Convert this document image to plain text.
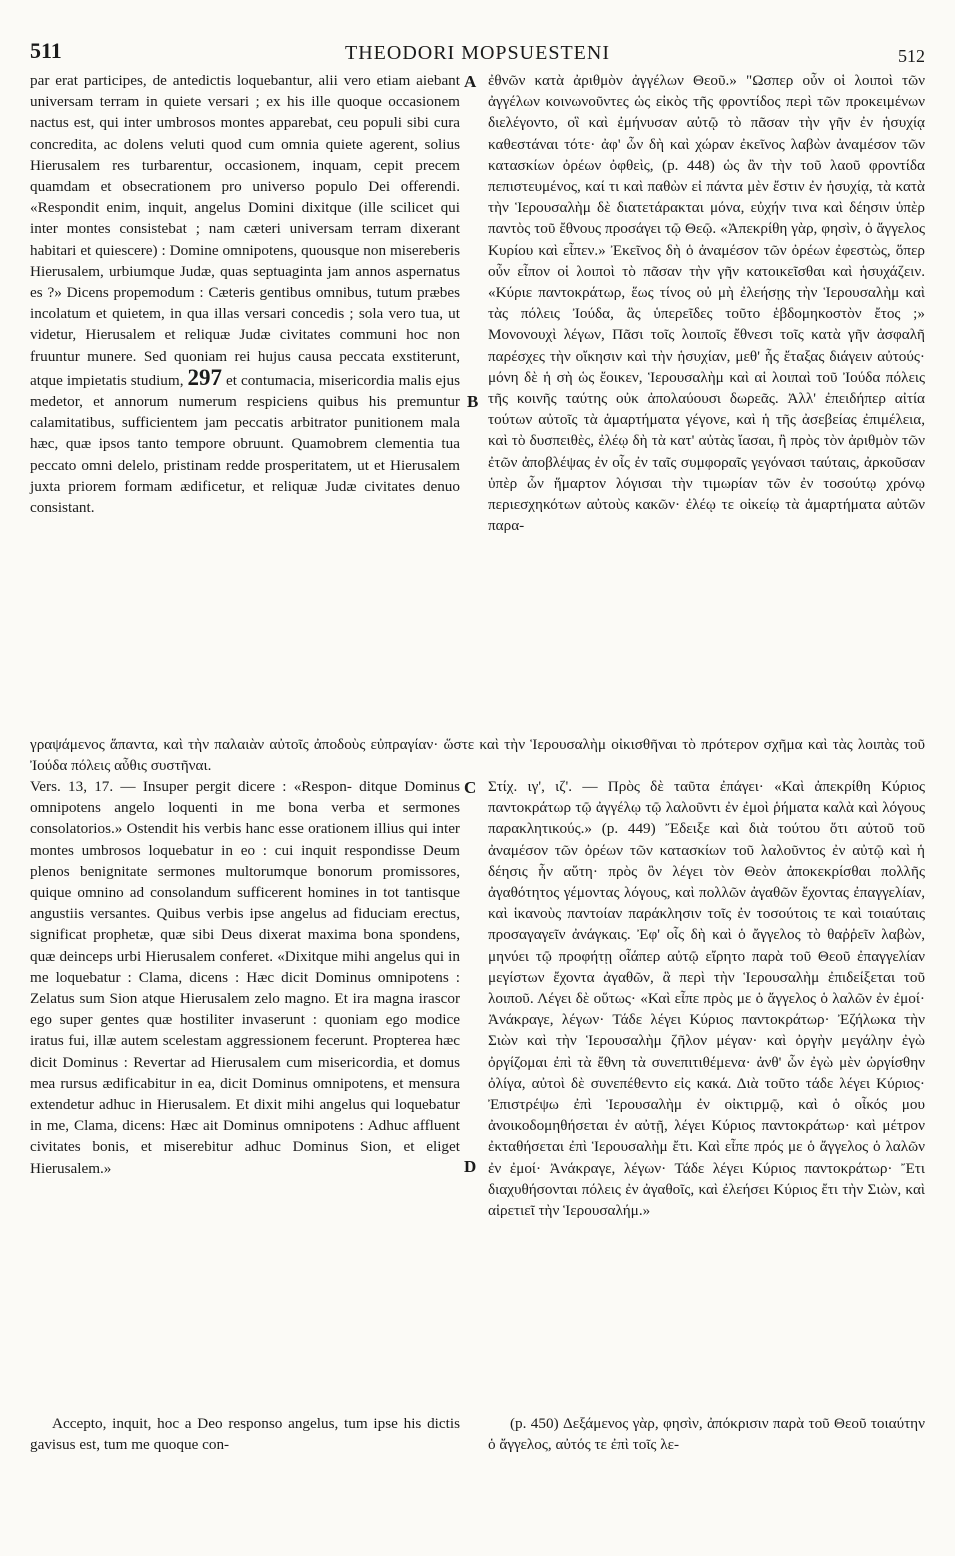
511	THEODORI MOPSUESTENI	512

par erat participes, de antedictis loquebantur, alii vero etiam aiebant universam terram in quiete versari ; ex his ille quoque occasionem nactus est, qui inter umbrosos montes apparebat, ceu populi sibi cura concredita, ac dolens veluti quod cum omnia quiete agerent, solius Hierusalem res turbarentur, occasionem, inquam, cepit precem quamdam et obsecrationem pro universo populo Dei offerendi. «Respondit enim, inquit, angelus Domini dixitque (ille scilicet qui inter montes consistebat ; nam cæteri universam terram dixerant habitari et quiescere) : Domine omnipotens, quousque non misereberis Hierusalem, urbiumque Judæ, quas septuaginta jam annos aspernatus es ?» Dicens propemodum : Cæteris gentibus omnibus, tutum præbes incolatum et quietem, in qua illas versari concedis ; sola vero tua, ut videtur, Hierusalem et reliquæ Judæ civitates communi hoc non fruuntur munere. Sed quoniam rei hujus causa peccata exstiterunt, atque impietatis studium, 297 et contumacia, misericordia malis ejus medetor, et annorum numerum respiciens quibus his premuntur calamitatibus, sufficientem jam peccatis arbitrator punitionem mala hæc, quæ ipsos tanto tempore obruunt. Quamobrem clementia tua peccato omni delelo, pristinam redde prosperitatem, ut et Hierusalem juxta priorem formam ædificetur, et reliquæ Judæ civitates denuo consistant.

A
B
C
D

ἐθνῶν κατὰ ἀριθμὸν ἀγγέλων Θεοῦ.» "Ωσπερ οὖν οἱ λοιποὶ τῶν ἀγγέλων κοινωνοῦντες ὡς εἰκὸς τῆς φροντίδος περὶ τῶν προκειμένων διελέγοντο, οἳ καὶ ἐμήνυσαν αὐτῷ τὸ πᾶσαν τὴν γῆν ἐν ἡσυχίᾳ καθεστάναι τότε· ἀφ' ὧν δὴ καὶ χώραν ἐκεῖνος λαβὼν ἀναμέσον τῶν κατασκίων ὀρέων ὀφθεὶς, (p. 448) ὡς ἂν τὴν τοῦ λαοῦ φροντίδα πεπιστευμένος, καί τι καὶ παθὼν εἰ πάντα μὲν ἔστιν ἐν ἡσυχίᾳ, τὰ κατὰ τὴν Ἱερουσαλὴμ δὲ διατετάρακται μόνα, εὐχήν τινα καὶ δέησιν ὑπὲρ παντὸς τοῦ ἔθνους προσάγει τῷ Θεῷ. «Ἀπεκρίθη γὰρ, φησὶν, ὁ ἄγγελος Κυρίου καὶ εἶπεν.» Ἐκεῖνος δὴ ὁ ἀναμέσον τῶν ὀρέων ἐφεστὼς, ὅπερ οὖν εἶπον οἱ λοιποὶ τὸ πᾶσαν τὴν γῆν κατοικεῖσθαι καὶ ἡσυχάζειν. «Κύριε παντοκράτωρ, ἕως τίνος οὐ μὴ ἐλεήσῃς τὴν Ἱερουσαλὴμ καὶ τὰς πόλεις Ἰούδα, ἃς ὑπερεῖδες τοῦτο ἑβδομηκοστὸν ἔτος ;» Μονονουχὶ λέγων, Πᾶσι τοῖς λοιποῖς ἔθνεσι τοῖς κατὰ γῆν ἀσφαλῆ παρέσχες τὴν οἴκησιν καὶ τὴν ἡσυχίαν, μεθ' ἧς ἔταξας διάγειν αὐτούς· μόνη δὲ ἡ σὴ ὡς ἔοικεν, Ἱερουσαλὴμ καὶ αἱ λοιπαὶ τοῦ Ἰούδα πόλεις τῆς κοινῆς ταύτης οὐκ ἀπολαύουσι δωρεᾶς. Ἀλλ' ἐπειδήπερ αἰτία τούτων αὐτοῖς τὰ ἁμαρτήματα γέγονε, καὶ ἡ τῆς ἀσεβείας ἐπιμέλεια, καὶ τὸ δυσπειθὲς, ἐλέῳ δὴ τὰ κατ' αὐτὰς ἴασαι, ἢ πρὸς τὸν ἀριθμὸν τῶν ἐτῶν ἀποβλέψας ἐν οἷς ἐν ταῖς συμφοραῖς γεγόνασι ταύταις, ἀρκοῦσαν ὑπὲρ ὧν ἥμαρτον λόγισαι τὴν τιμωρίαν τῶν ἐν τοσούτῳ χρόνῳ περιεσχηκότων αὐτοὺς κακῶν· ἐλέῳ τε οἰκείῳ τὰ ἁμαρτήματα αὐτῶν παρα-

γραψάμενος ἅπαντα, καὶ τὴν παλαιὰν αὐτοῖς ἀποδοὺς εὐπραγίαν· ὥστε καὶ τὴν Ἱερουσαλὴμ οἰκισθῆναι τὸ πρότερον σχῆμα καὶ τὰς λοιπὰς τοῦ Ἰούδα πόλεις αὖθις συστῆναι.

Vers. 13, 17. — Insuper pergit dicere : «Respon- ditque Dominus omnipotens angelo loquenti in me bona verba et sermones consolatorios.» Ostendit his verbis hanc esse orationem illius qui inter montes umbrosos loquebatur in eo : cui inquit respondisse Deum plenos benignitate sermones multorumque bonorum promissores, quique omnino ad consolandum sufficerent homines in tot tantisque angustiis versantes. Quibus verbis ipse angelus ad fiduciam erectus, significat prophetæ, quæ sibi Deus dixerat maxima bona spondens, quæ deinceps urbi Hierusalem conferet. «Dixitque mihi angelus qui in me loquebatur : Clama, dicens : Hæc dicit Dominus omnipotens : Zelatus sum Sion atque Hierusalem zelo magno. Et ira magna irascor ego super gentes quæ hostiliter invaserunt : quoniam ego modice iratus fui, illæ autem scelestam aggressionem fecerunt. Propterea hæc dicit Dominus : Revertar ad Hierusalem cum misericordia, et domus mea rursus ædificabitur in ea, dicit Dominus omnipotens, et mensura extendetur adhuc in Hierusalem. Et dixit mihi angelus qui loquebatur in me, Clama, dicens: Hæc ait Dominus omnipotens : Adhuc affluent civitates bonis, et miserebitur adhuc Dominus Sion, et eliget Hierusalem.»

Στίχ. ιγ', ιζ'. — Πρὸς δὲ ταῦτα ἐπάγει· «Καὶ ἀπεκρίθη Κύριος παντοκράτωρ τῷ ἀγγέλῳ τῷ λαλοῦντι ἐν ἐμοὶ ῥήματα καλὰ καὶ λόγους παρακλητικούς.» (p. 449) Ἔδειξε καὶ διὰ τούτου ὅτι αὐτοῦ τοῦ ἀναμέσον τῶν ὀρέων τῶν κατασκίων τοῦ λαλοῦντος ἐν αὐτῷ καὶ ἡ δέησις ἦν αὕτη· πρὸς ὃν λέγει τὸν Θεὸν ἀποκεκρίσθαι πολλῆς ἀγαθότητος γέμοντας λόγους, καὶ πολλῶν ἀγαθῶν ἔχοντας ἐπαγγελίαν, καὶ ἱκανοὺς παντοίαν παράκλησιν τοῖς ἐν τοσούτοις τε καὶ τοιαύταις προσαγαγεῖν ἀνάγκαις. Ἐφ' οἷς δὴ καὶ ὁ ἄγγελος τὸ θαῤῥεῖν λαβὼν, μηνύει τῷ προφήτῃ οἷάπερ αὐτῷ εἴρητο παρὰ τοῦ Θεοῦ ἐπαγγελίαν μεγίστων ἔχοντα ἀγαθῶν, ἃ περὶ τὴν Ἱερουσαλὴμ ἐπιδείξεται τοῦ λοιποῦ. Λέγει δὲ οὕτως· «Καὶ εἶπε πρὸς με ὁ ἄγγελος ὁ λαλῶν ἐν ἐμοί· Ἀνάκραγε, λέγων· Τάδε λέγει Κύριος παντοκράτωρ· Ἐζήλωκα τὴν Σιὼν καὶ τὴν Ἱερουσαλὴμ ζῆλον μέγαν· καὶ ὀργὴν μεγάλην ἐγὼ ὀργίζομαι ἐπὶ τὰ ἔθνη τὰ συνεπιτιθέμενα· ἀνθ' ὧν ἐγὼ μὲν ὠργίσθην ὀλίγα, αὐτοὶ δὲ συνεπέθεντο εἰς κακά. Διὰ τοῦτο τάδε λέγει Κύριος· Ἐπιστρέψω ἐπὶ Ἱερουσαλὴμ ἐν οἰκτιρμῷ, καὶ ὁ οἶκός μου ἀνοικοδομηθήσεται ἐν αὐτῇ, λέγει Κύριος παντοκράτωρ· καὶ μέτρον ἐκταθήσεται ἐπὶ Ἱερουσαλὴμ ἔτι. Καὶ εἶπε πρός με ὁ ἄγγελος ὁ λαλῶν ἐν ἐμοί· Ἀνάκραγε, λέγων· Τάδε λέγει Κύριος παντοκράτωρ· Ἔτι διαχυθήσονται πόλεις ἐν ἀγαθοῖς, καὶ ἐλεήσει Κύριος ἔτι τὴν Σιὼν, καὶ αἱρετιεῖ τὴν Ἱερουσαλήμ.»

Accepto, inquit, hoc a Deo responso angelus, tum ipse his dictis gavisus est, tum me quoque con-

(p. 450) Δεξάμενος γὰρ, φησὶν, ἀπόκρισιν παρὰ τοῦ Θεοῦ τοιαύτην ὁ ἄγγελος, αὐτός τε ἐπὶ τοῖς λε-
